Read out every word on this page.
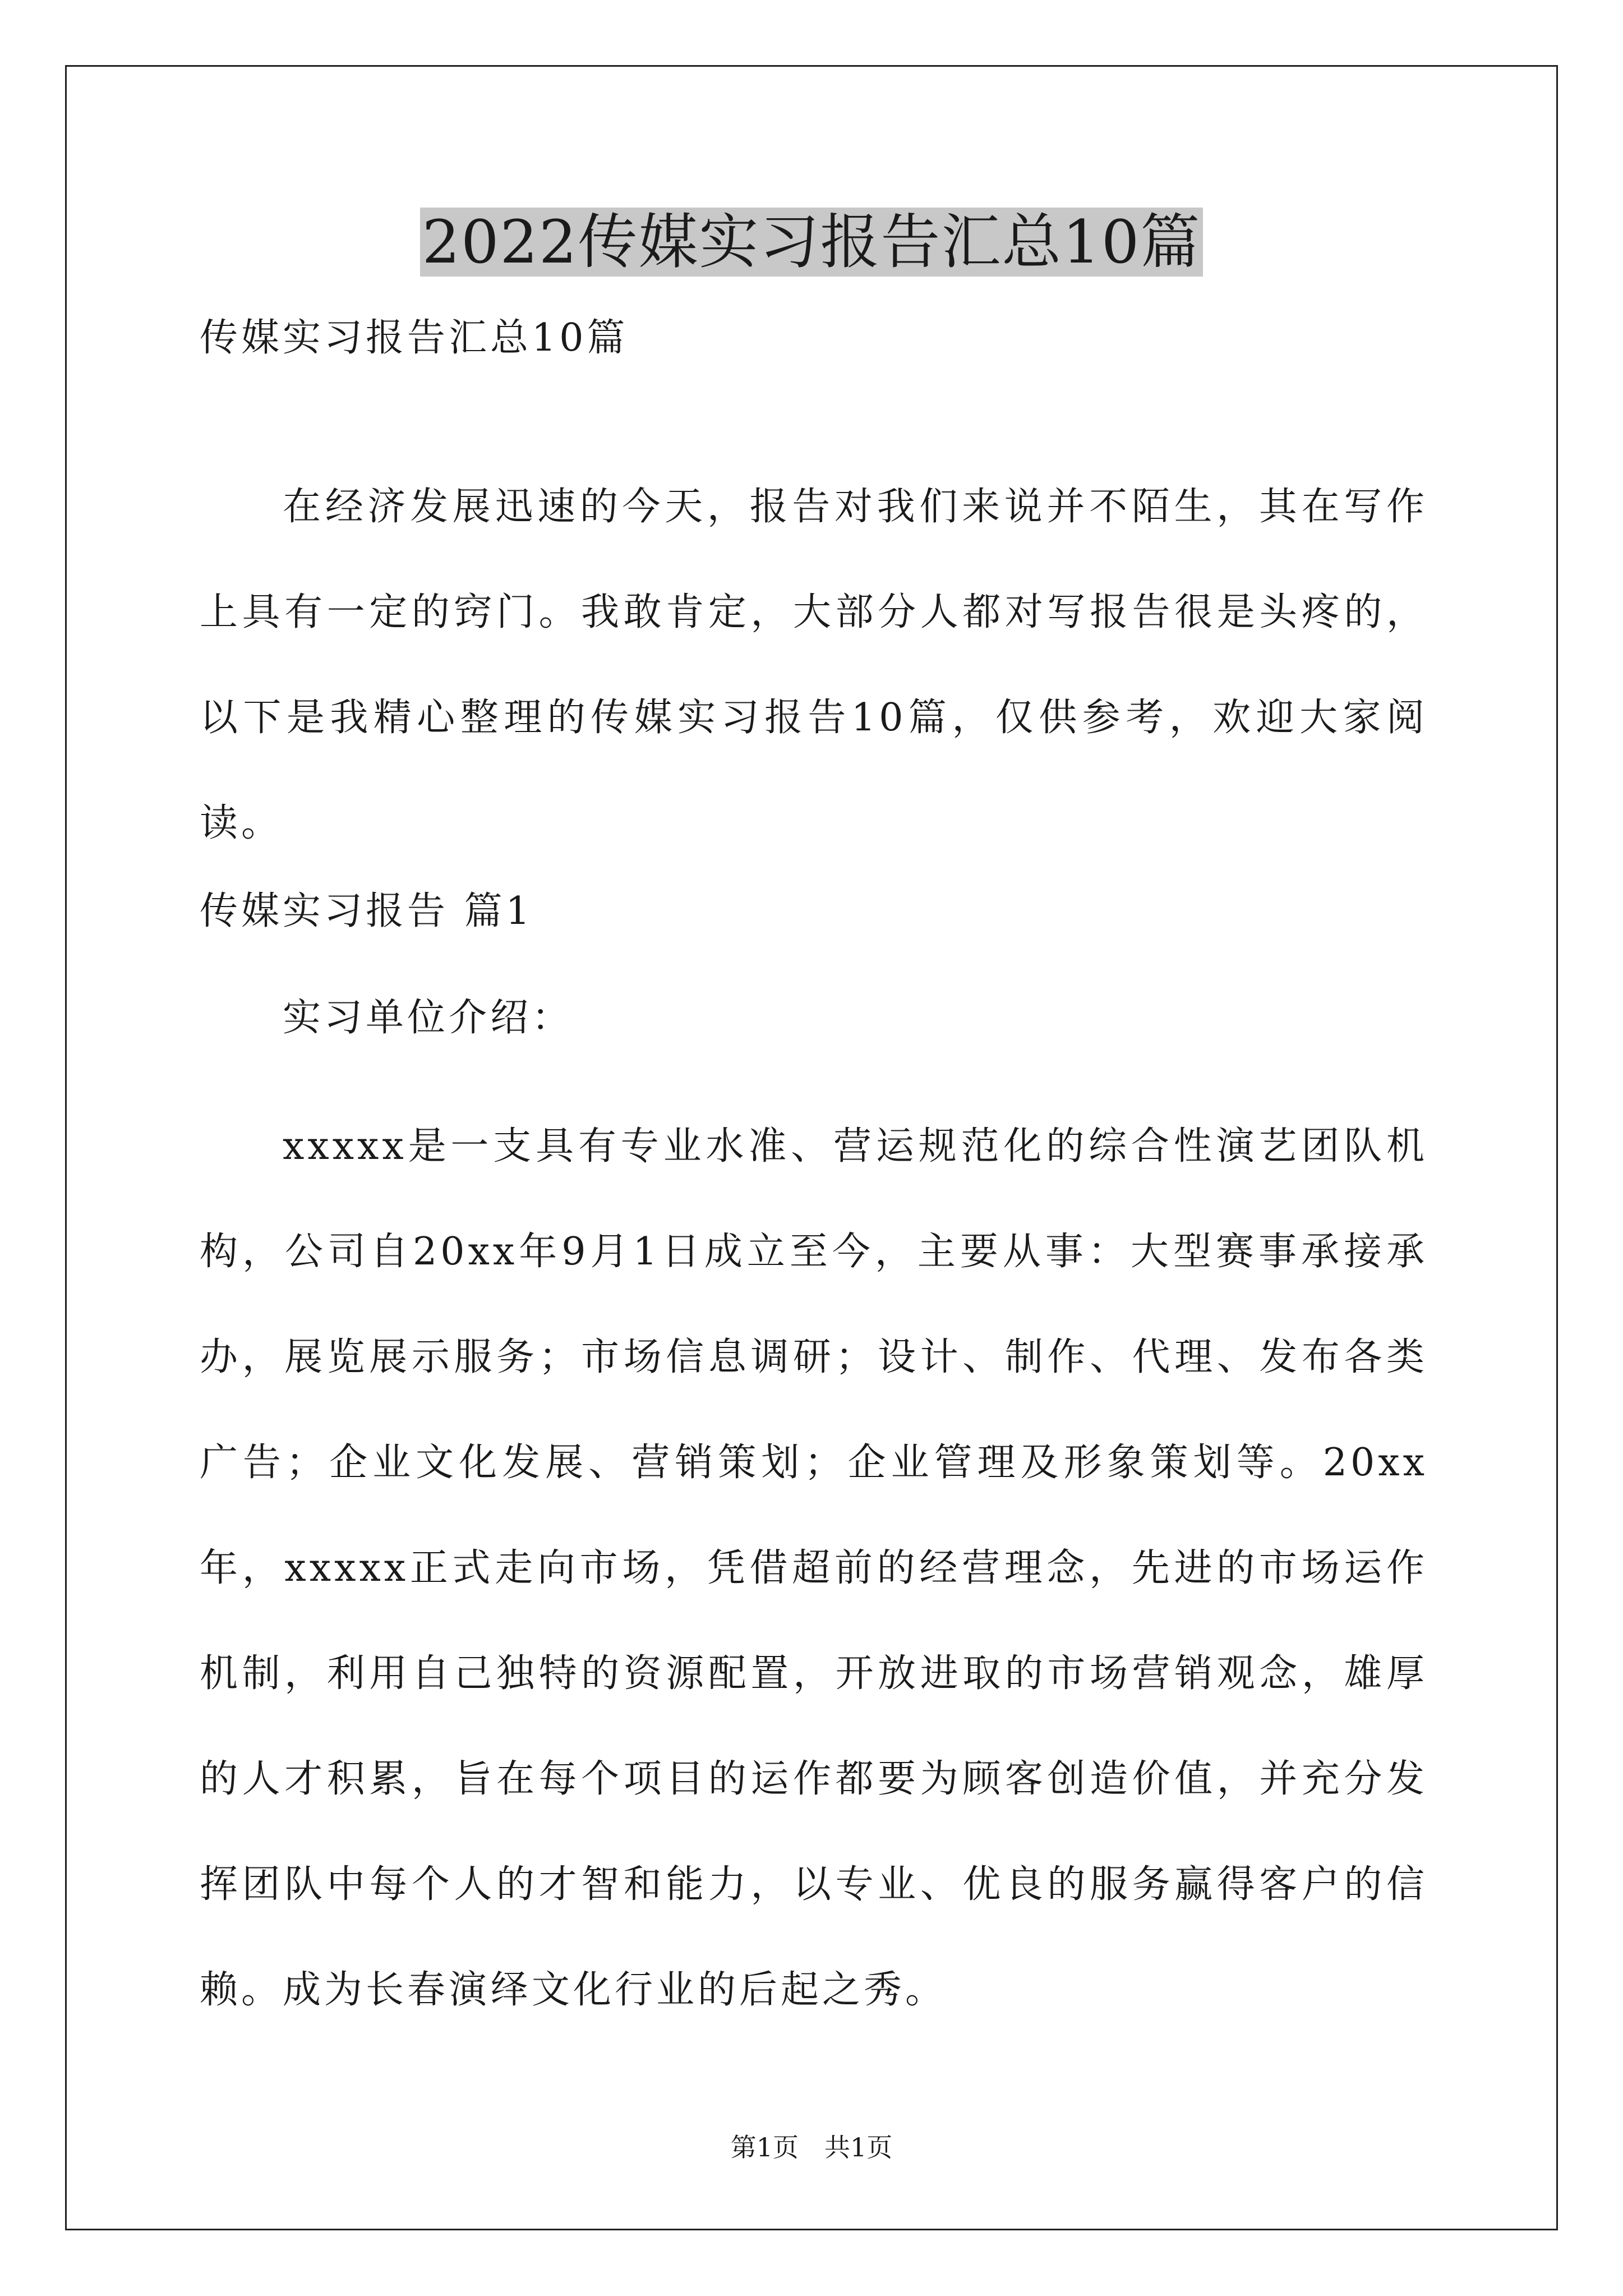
2022传媒实习报告汇总10篇

传媒实习报告汇总10篇

在经济发展迅速的今天，报告对我们来说并不陌生，其在写作上具有一定的窍门。我敢肯定，大部分人都对写报告很是头疼的，以下是我精心整理的传媒实习报告10篇，仅供参考，欢迎大家阅读。

传媒实习报告 篇1

实习单位介绍：

xxxxx是一支具有专业水准、营运规范化的综合性演艺团队机构，公司自20xx年9月1日成立至今，主要从事：大型赛事承接承办，展览展示服务；市场信息调研；设计、制作、代理、发布各类广告；企业文化发展、营销策划；企业管理及形象策划等。20xx年，xxxxx正式走向市场，凭借超前的经营理念，先进的市场运作机制，利用自己独特的资源配置，开放进取的市场营销观念，雄厚的人才积累，旨在每个项目的运作都要为顾客创造价值，并充分发挥团队中每个人的才智和能力，以专业、优良的服务赢得客户的信赖。成为长春演绎文化行业的后起之秀。

第1页 共1页
